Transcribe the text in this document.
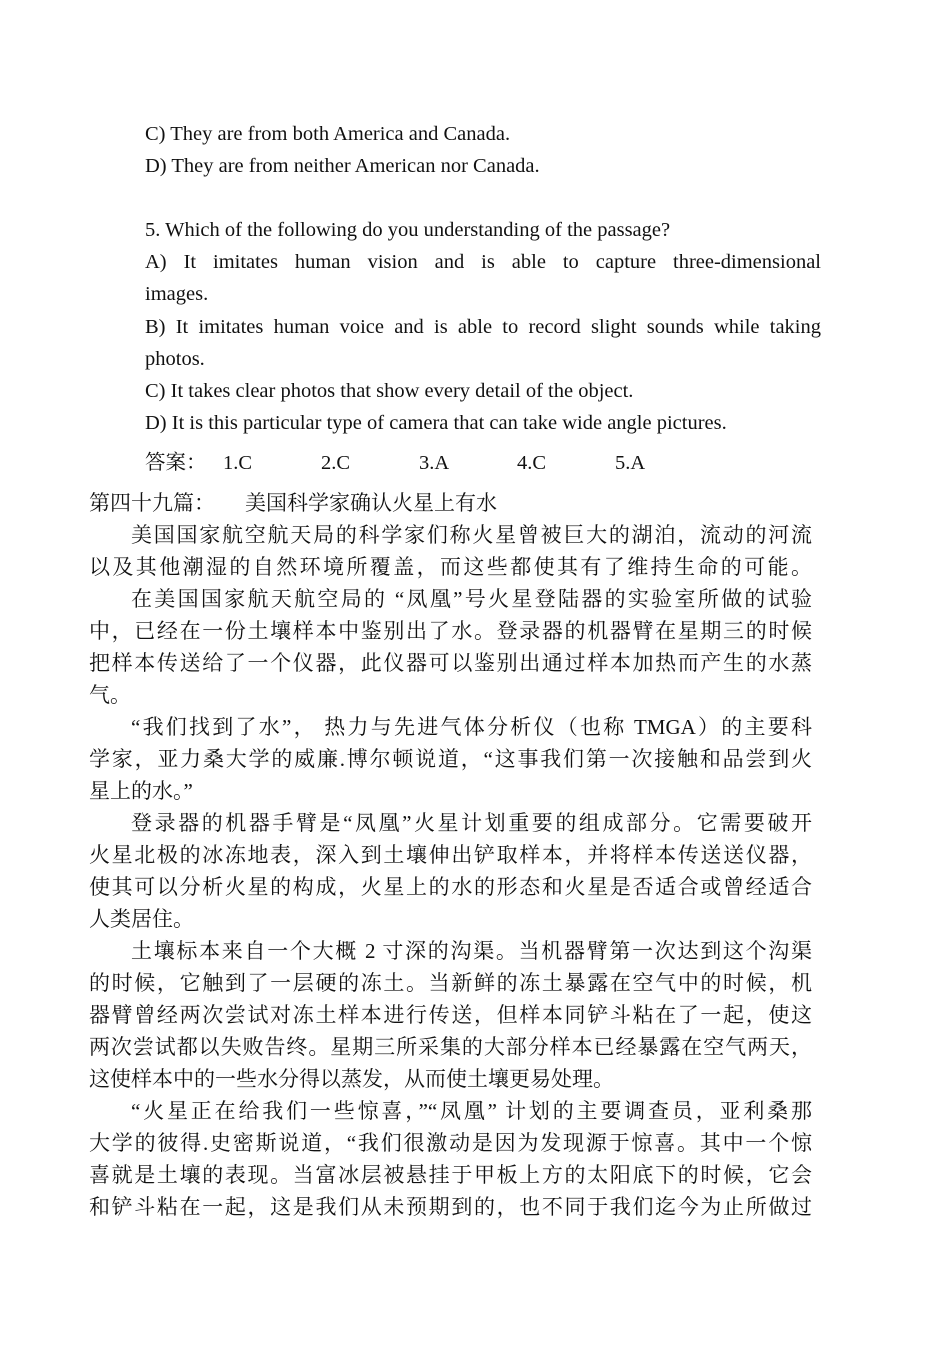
C) They are from both America and Canada.

D) They are from neither American nor Canada.

5. Which of the following do you understanding of the passage?

A) It imitates human vision and is able to capture three-dimensional

images.

B) It imitates human voice and is able to record slight sounds while taking

photos.

C) It takes clear photos that show every detail of the object.

D) It is this particular type of camera that can take wide angle pictures.

答案： 1.C	2.C	3.A	4.C	5.A

第四十九篇： 美国科学家确认火星上有水

美国国家航空航天局的科学家们称火星曾被巨大的湖泊，流动的河流

以及其他潮湿的自然环境所覆盖，而这些都使其有了维持生命的可能。

在美国国家航天航空局的 “凤凰”号火星登陆器的实验室所做的试验

中，已经在一份土壤样本中鉴别出了水。登录器的机器臂在星期三的时候

把样本传送给了一个仪器，此仪器可以鉴别出通过样本加热而产生的水蒸

气。

“我们找到了水”， 热力与先进气体分析仪（也称 TMGA）的主要科

学家，亚力桑大学的威廉.博尔顿说道，“这事我们第一次接触和品尝到火

星上的水。”

登录器的机器手臂是“凤凰”火星计划重要的组成部分。它需要破开

火星北极的冰冻地表，深入到土壤伸出铲取样本，并将样本传送送仪器，

使其可以分析火星的构成，火星上的水的形态和火星是否适合或曾经适合

人类居住。

土壤标本来自一个大概 2 寸深的沟渠。当机器臂第一次达到这个沟渠

的时候，它触到了一层硬的冻土。当新鲜的冻土暴露在空气中的时候，机

器臂曾经两次尝试对冻土样本进行传送，但样本同铲斗粘在了一起，使这

两次尝试都以失败告终。星期三所采集的大部分样本已经暴露在空气两天，

这使样本中的一些水分得以蒸发，从而使土壤更易处理。

“火星正在给我们一些惊喜，”“凤凰” 计划的主要调查员，亚利桑那

大学的彼得.史密斯说道，“我们很激动是因为发现源于惊喜。其中一个惊

喜就是土壤的表现。当富冰层被悬挂于甲板上方的太阳底下的时候，它会

和铲斗粘在一起，这是我们从未预期到的，也不同于我们迄今为止所做过
